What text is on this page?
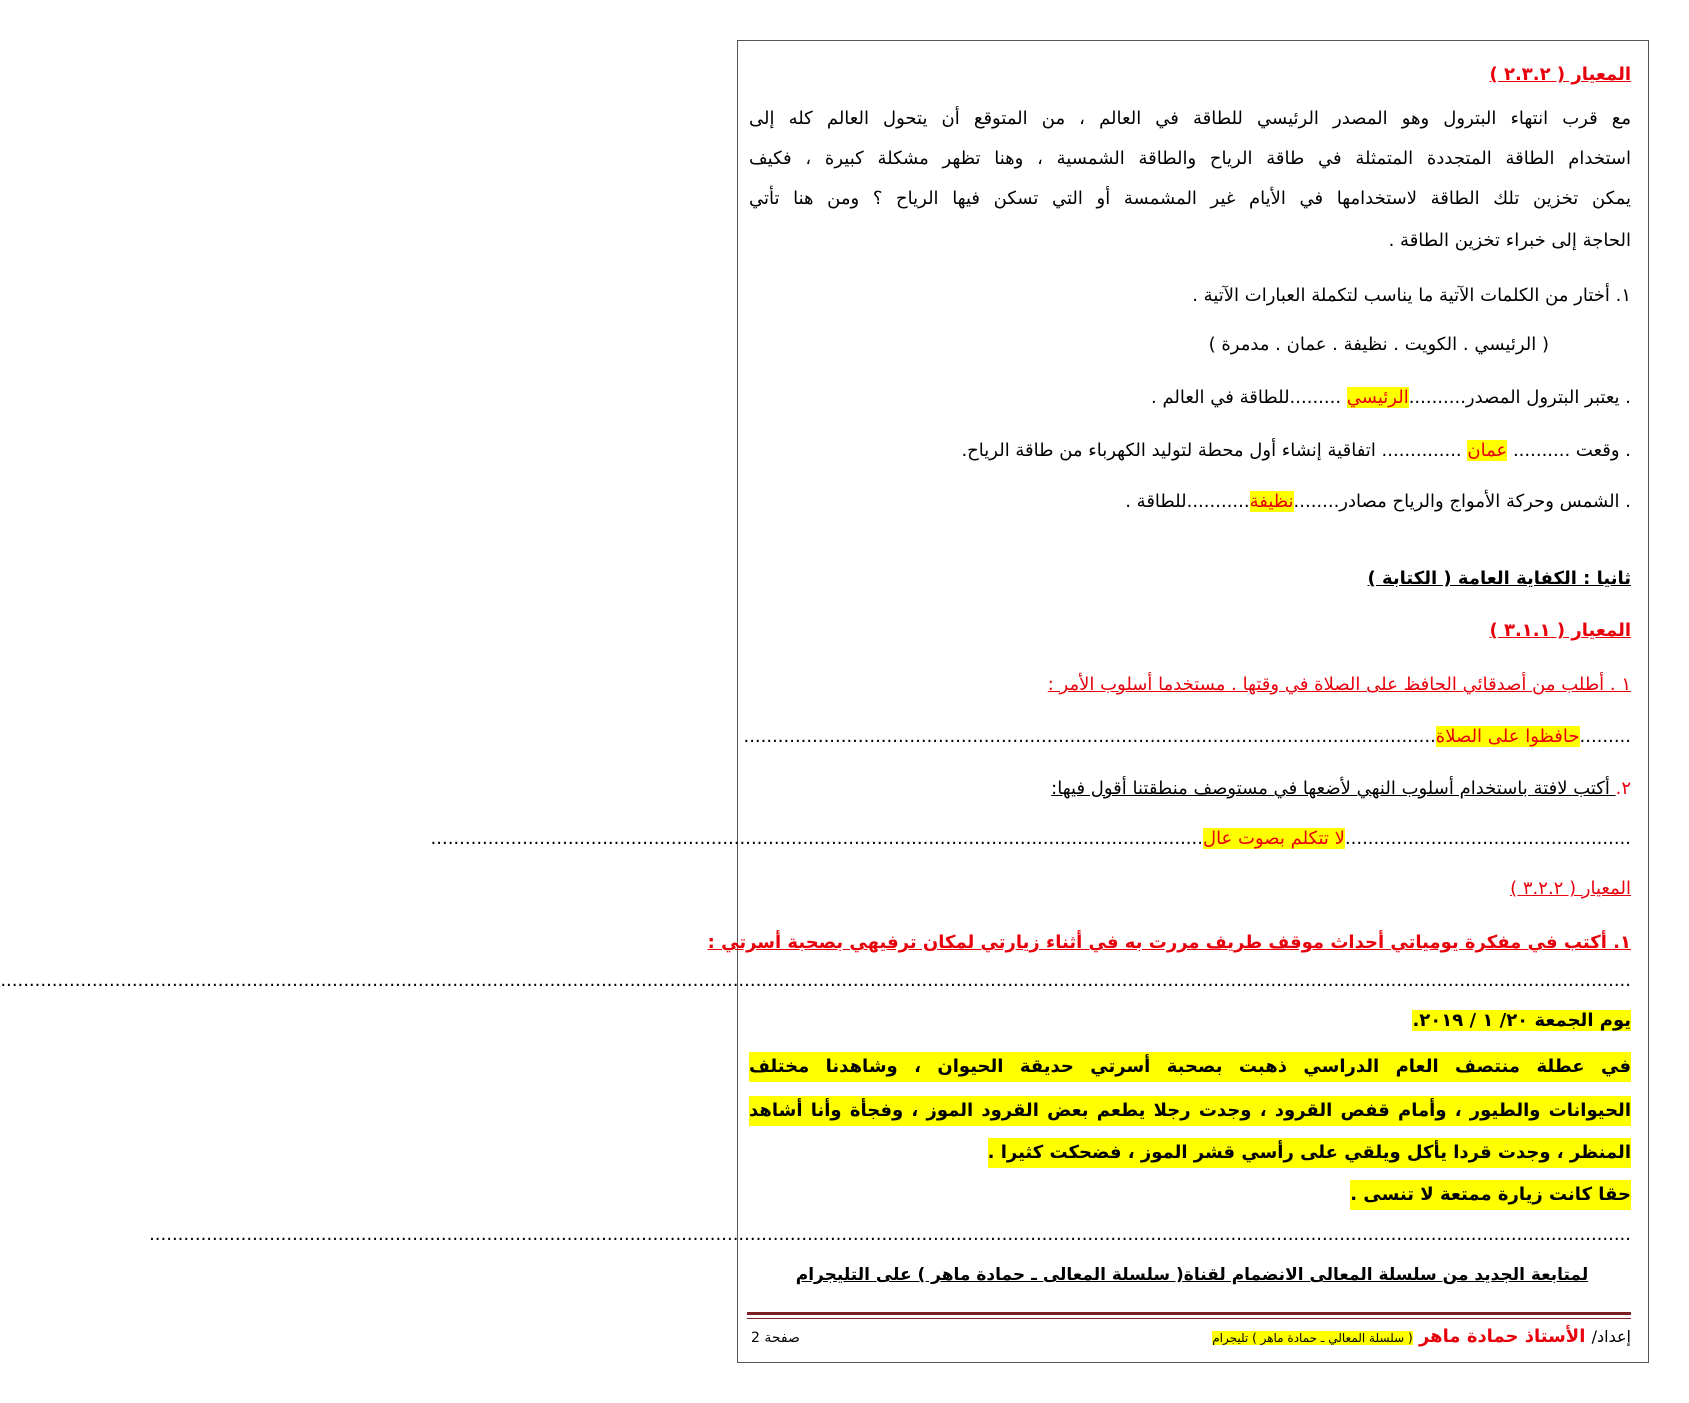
المعيار ( ٢.٣.٢ )
مع قرب انتهاء البترول وهو المصدر الرئيسي للطاقة في العالم ، من المتوقع أن يتحول العالم كله إلى
استخدام الطاقة المتجددة المتمثلة في طاقة الرياح والطاقة الشمسية ، وهنا تظهر مشكلة كبيرة ، فكيف
يمكن تخزين تلك الطاقة لاستخدامها في الأيام غير المشمسة أو التي تسكن فيها الرياح ؟ ومن هنا تأتي
الحاجة إلى خبراء تخزين الطاقة .
١. أختار من الكلمات الآتية ما يناسب لتكملة العبارات الآتية .
( الرئيسي . الكويت . نظيفة . عمان . مدمرة )
. يعتبر البترول المصدر..........الرئيسي .........للطاقة في العالم .
. وقعت .......... عمان .............. اتفاقية إنشاء أول محطة لتوليد الكهرباء من طاقة الرياح.
. الشمس وحركة الأمواج والرياح مصادر........نظيفة...........للطاقة .
ثانيا : الكفاية العامة ( الكتابة )
المعيار ( ٣.١.١ )
١ . أطلب من أصدقائي الحافظ على الصلاة في وقتها . مستخدما أسلوب الأمر :
.........حافظوا على الصلاة.........................................................................................................................
٢. أكتب لافتة باستخدام أسلوب النهي لأضعها في مستوصف منطقتنا أقول فيها:
..................................................لا تتكلم بصوت عال.......................................................................................................................................
المعيار ( ٣.٢.٢ )
١. أكتب في مفكرة يومياتي أحداث موقف طريف مررت به في أثناء زيارتي لمكان ترفيهي بصحبة أسرتي :
.............................................................................................................................................................................................................................................................................................
يوم الجمعة ٢٠/ ١ / ٢٠١٩.
في عطلة منتصف العام الدراسي ذهبت بصحبة أسرتي حديقة الحيوان ، وشاهدنا مختلف
الحيوانات والطيور ، وأمام قفص القرود ، وجدت رجلا يطعم بعض القرود الموز ، وفجأة وأنا أشاهد
المنظر ، وجدت قردا يأكل ويلقي على رأسي قشر الموز ، فضحكت كثيرا .
حقا كانت زيارة ممتعة لا تنسى .
...................................................................................................................................................................................................................................................................
لمتابعة الجديد من سلسلة المعالى الانضمام لقناة( سلسلة المعالى ـ حمادة ماهر ) على التليجرام
إعداد/ الأستاذ حمادة ماهر ( سلسلة المعالي ـ حمادة ماهر ) تليجرام
صفحة 2
